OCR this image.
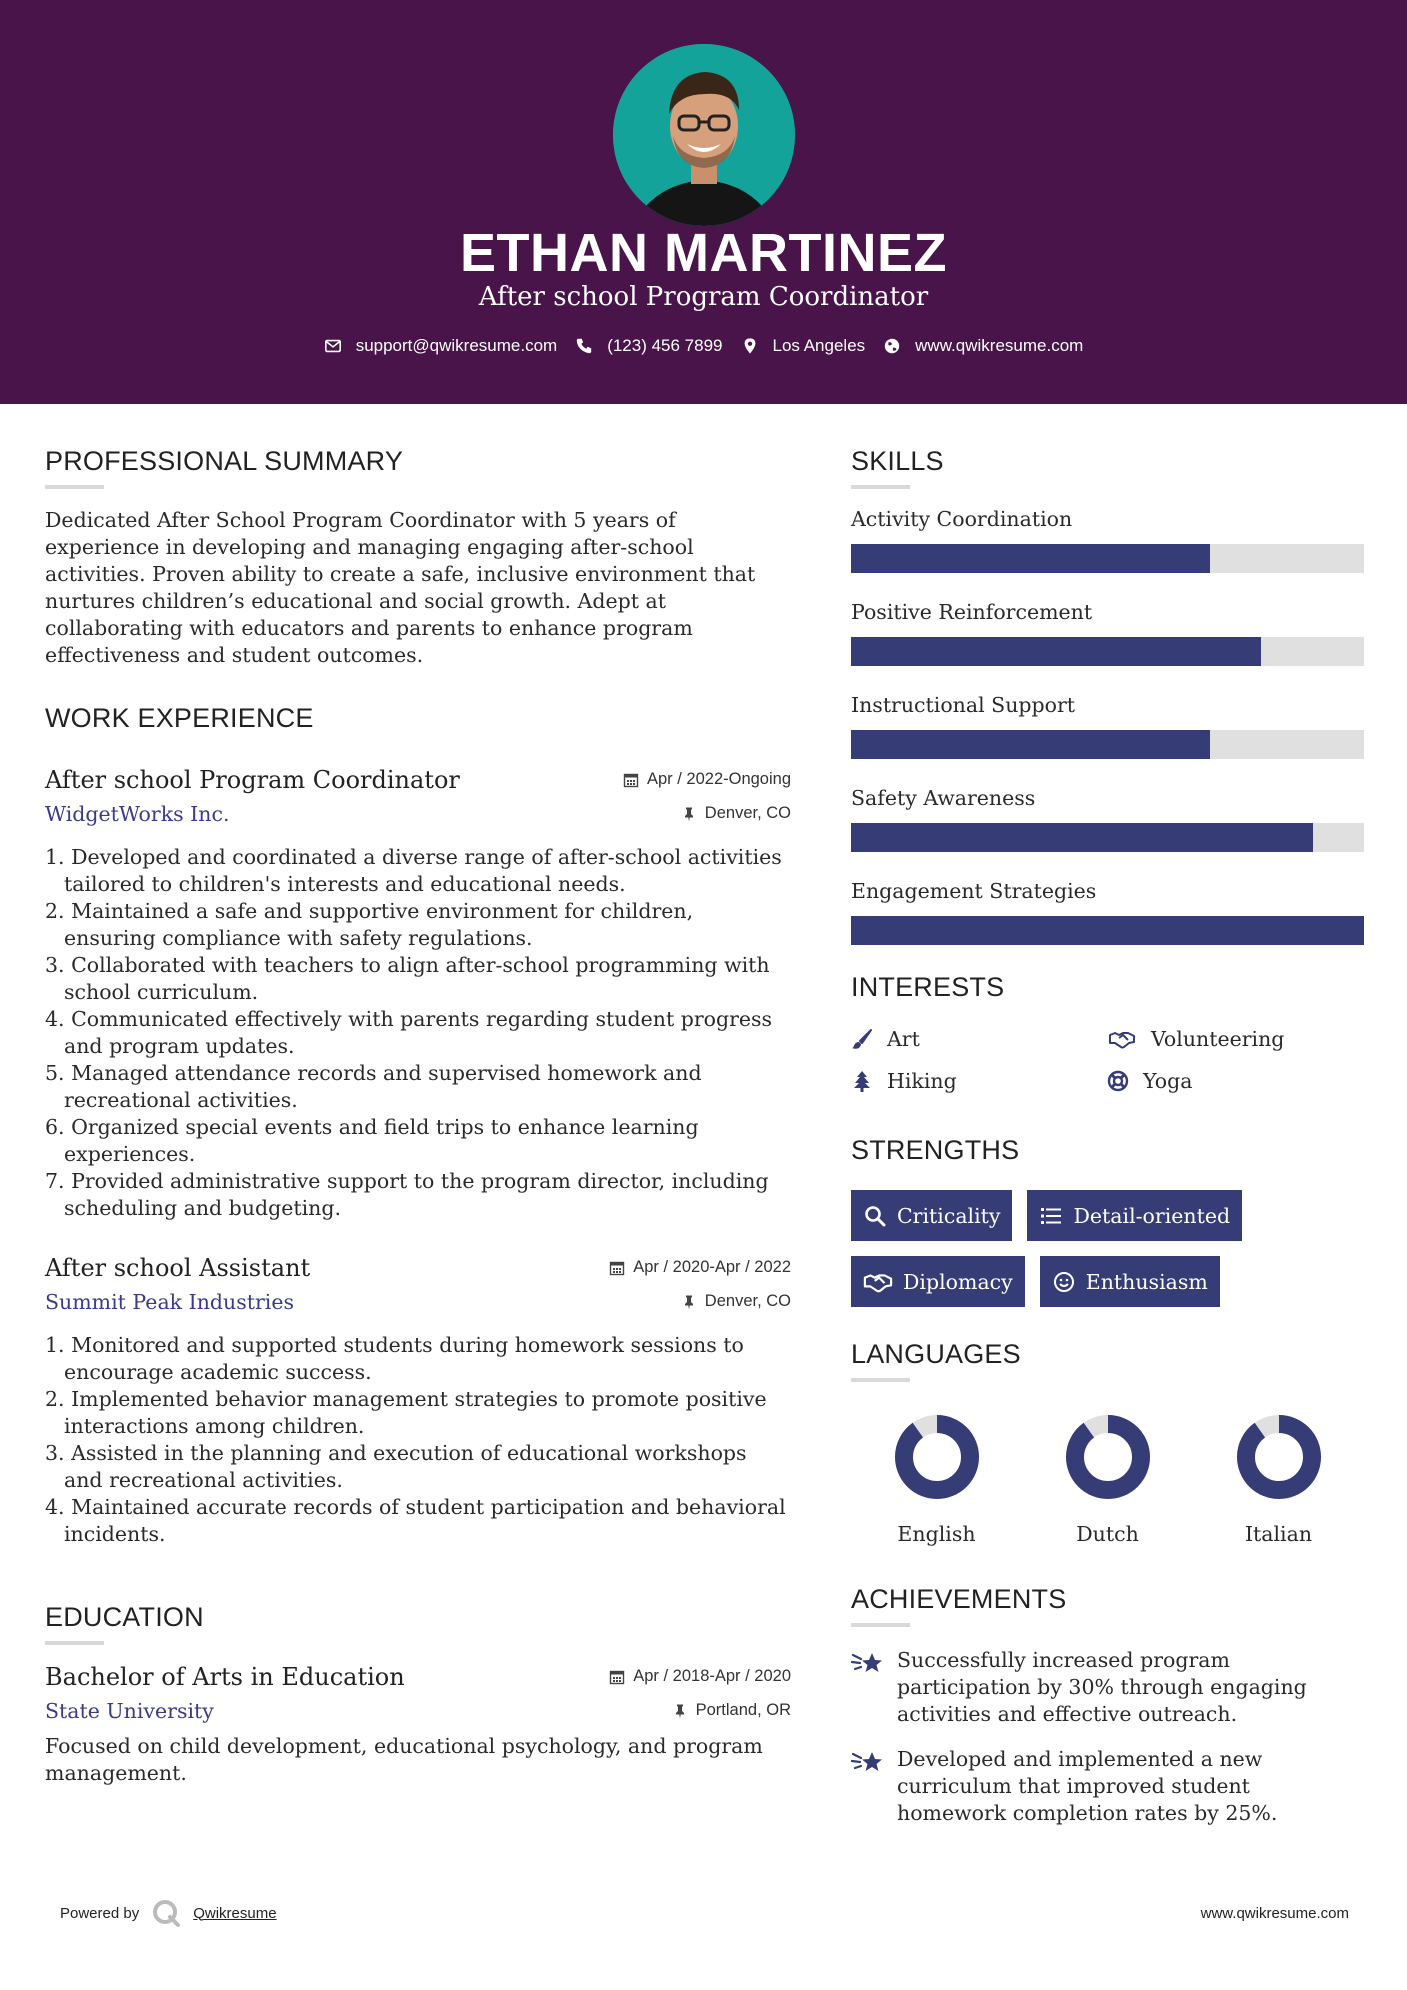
ETHAN MARTINEZ
After school Program Coordinator
support@qwikresume.com	(123) 456 7899	Los Angeles	www.qwikresume.com
PROFESSIONAL SUMMARY

Dedicated After School Program Coordinator with 5 years of experience in developing and managing engaging after-school activities. Proven ability to create a safe, inclusive environment that nurtures children’s educational and social growth. Adept at collaborating with educators and parents to enhance program effectiveness and student outcomes.

WORK EXPERIENCE
After school Program Coordinator	Apr / 2022-Ongoing
WidgetWorks Inc.	Denver, CO
1. Developed and coordinated a diverse range of after-school activities tailored to children's interests and educational needs.
2. Maintained a safe and supportive environment for children, ensuring compliance with safety regulations.
3. Collaborated with teachers to align after-school programming with school curriculum.
4. Communicated effectively with parents regarding student progress and program updates.
5. Managed attendance records and supervised homework and recreational activities.
6. Organized special events and field trips to enhance learning experiences.
7. Provided administrative support to the program director, including scheduling and budgeting.
After school Assistant	Apr / 2020-Apr / 2022
Summit Peak Industries	Denver, CO
1. Monitored and supported students during homework sessions to encourage academic success.
2. Implemented behavior management strategies to promote positive interactions among children.
3. Assisted in the planning and execution of educational workshops and recreational activities.
4. Maintained accurate records of student participation and behavioral incidents.
EDUCATION
Bachelor of Arts in Education	Apr / 2018-Apr / 2020
State University	Portland, OR

Focused on child development, educational psychology, and program management.

SKILLS
Activity Coordination
Positive Reinforcement
Instructional Support
Safety Awareness
Engagement Strategies
INTERESTS
Art	Volunteering
Hiking	Yoga
STRENGTHS
Criticality	Detail-oriented
Diplomacy	Enthusiasm
LANGUAGES
English	Dutch	Italian
ACHIEVEMENTS
Successfully increased program participation by 30% through engaging activities and effective outreach.
Developed and implemented a new curriculum that improved student homework completion rates by 25%.
Powered by	Qwikresume	www.qwikresume.com
